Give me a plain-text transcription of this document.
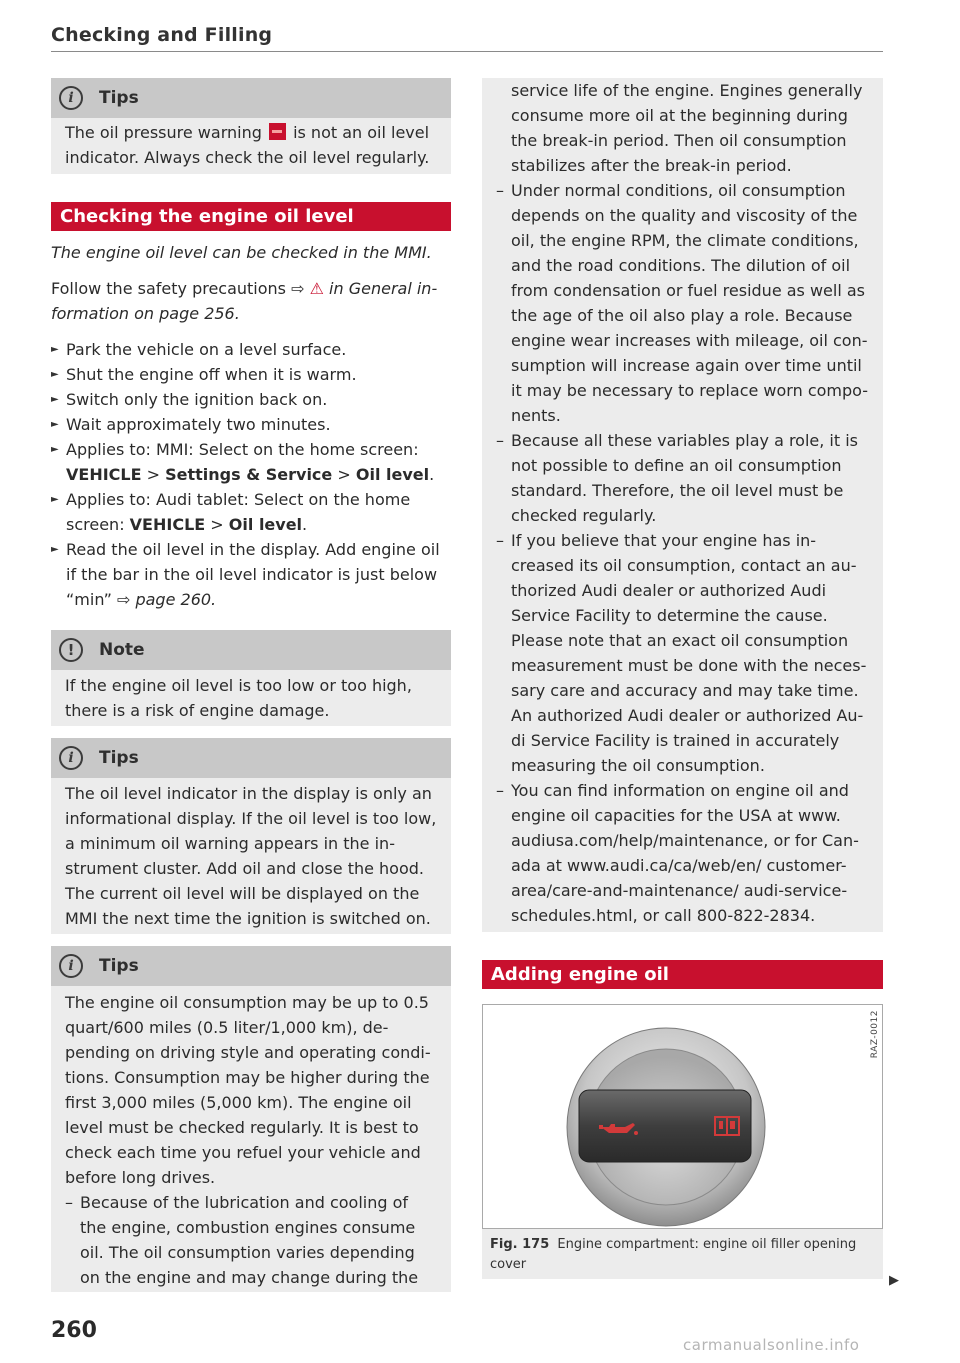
Checking and Filling
i	Tips
The oil pressure warning is not an oil level indicator. Always check the oil level regularly.
Checking the engine oil level

The engine oil level can be checked in the MMI.

Follow the safety precautions ⇨ ⚠ in General in-formation on page 256.

► Park the vehicle on a level surface.
► Shut the engine off when it is warm.
► Switch only the ignition back on.
► Wait approximately two minutes.
► Applies to: MMI: Select on the home screen: VEHICLE > Settings & Service > Oil level.
► Applies to: Audi tablet: Select on the home screen: VEHICLE > Oil level.
► Read the oil level in the display. Add engine oil if the bar in the oil level indicator is just below “min” ⇨ page 260.
!	Note
If the engine oil level is too low or too high, there is a risk of engine damage.
i	Tips
The oil level indicator in the display is only an informational display. If the oil level is too low, a minimum oil warning appears in the in-strument cluster. Add oil and close the hood. The current oil level will be displayed on the MMI the next time the ignition is switched on.
i	Tips

The engine oil consumption may be up to 0.5 quart/600 miles (0.5 liter/1,000 km), de-pending on driving style and operating condi-tions. Consumption may be higher during the first 3,000 miles (5,000 km). The engine oil level must be checked regularly. It is best to check each time you refuel your vehicle and before long drives.

– Because of the lubrication and cooling of the engine, combustion engines consume oil. The oil consumption varies depending on the engine and may change during the
260

service life of the engine. Engines generally consume more oil at the beginning during the break-in period. Then oil consumption stabilizes after the break-in period.

– Under normal conditions, oil consumption depends on the quality and viscosity of the oil, the engine RPM, the climate conditions, and the road conditions. The dilution of oil from condensation or fuel residue as well as the age of the oil also play a role. Because engine wear increases with mileage, oil con-sumption will increase again over time until it may be necessary to replace worn compo-nents.
– Because all these variables play a role, it is not possible to define an oil consumption standard. Therefore, the oil level must be checked regularly.
– If you believe that your engine has in-creased its oil consumption, contact an au-thorized Audi dealer or authorized Audi Service Facility to determine the cause. Please note that an exact oil consumption measurement must be done with the neces-sary care and accuracy and may take time. An authorized Audi dealer or authorized Au-di Service Facility is trained in accurately measuring the oil consumption.
– You can find information on engine oil and engine oil capacities for the USA at www. audiusa.com/help/maintenance, or for Can-ada at www.audi.ca/ca/web/en/ customer-area/care-and-maintenance/ audi-service-schedules.html, or call 800-822-2834.
Adding engine oil
RAZ-0012
Fig. 175 Engine compartment: engine oil filler opening cover
▶
carmanualsonline.info
